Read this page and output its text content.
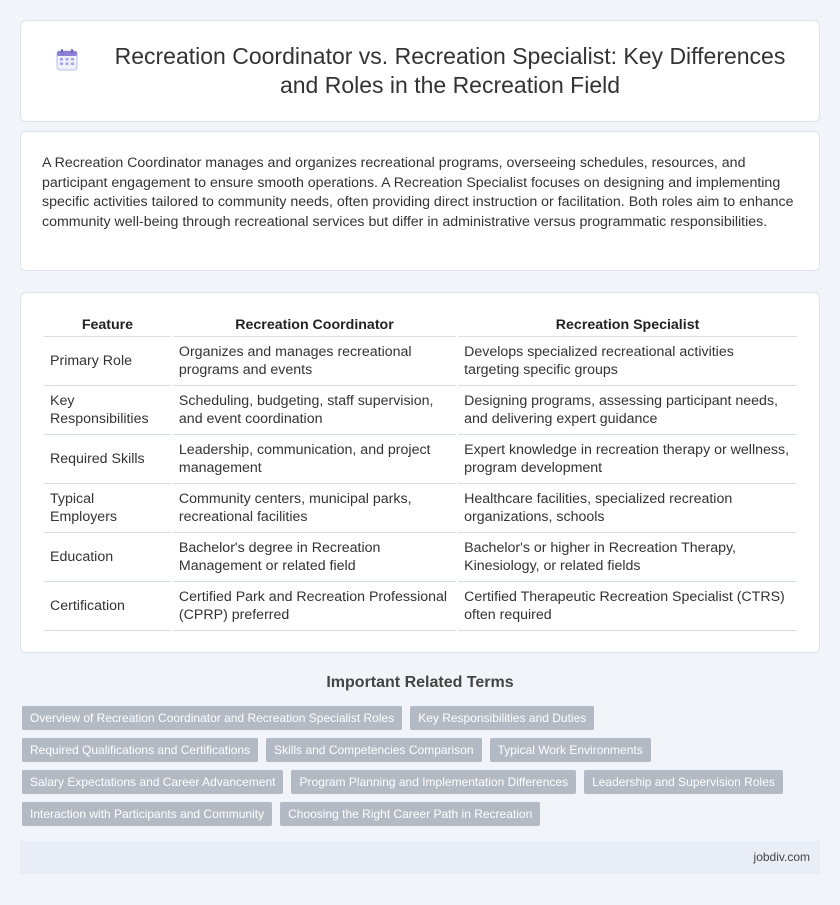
Recreation Coordinator vs. Recreation Specialist: Key Differences and Roles in the Recreation Field

A Recreation Coordinator manages and organizes recreational programs, overseeing schedules, resources, and participant engagement to ensure smooth operations. A Recreation Specialist focuses on designing and implementing specific activities tailored to community needs, often providing direct instruction or facilitation. Both roles aim to enhance community well-being through recreational services but differ in administrative versus programmatic responsibilities.

Feature	Recreation Coordinator	Recreation Specialist
Primary Role	Organizes and manages recreational programs and events	Develops specialized recreational activities targeting specific groups
Key Responsibilities	Scheduling, budgeting, staff supervision, and event coordination	Designing programs, assessing participant needs, and delivering expert guidance
Required Skills	Leadership, communication, and project management	Expert knowledge in recreation therapy or wellness, program development
Typical Employers	Community centers, municipal parks, recreational facilities	Healthcare facilities, specialized recreation organizations, schools
Education	Bachelor's degree in Recreation Management or related field	Bachelor's or higher in Recreation Therapy, Kinesiology, or related fields
Certification	Certified Park and Recreation Professional (CPRP) preferred	Certified Therapeutic Recreation Specialist (CTRS) often required
Important Related Terms
Overview of Recreation Coordinator and Recreation Specialist Roles	Key Responsibilities and Duties
Required Qualifications and Certifications	Skills and Competencies Comparison	Typical Work Environments
Salary Expectations and Career Advancement	Program Planning and Implementation Differences	Leadership and Supervision Roles
Interaction with Participants and Community	Choosing the Right Career Path in Recreation
jobdiv.com
